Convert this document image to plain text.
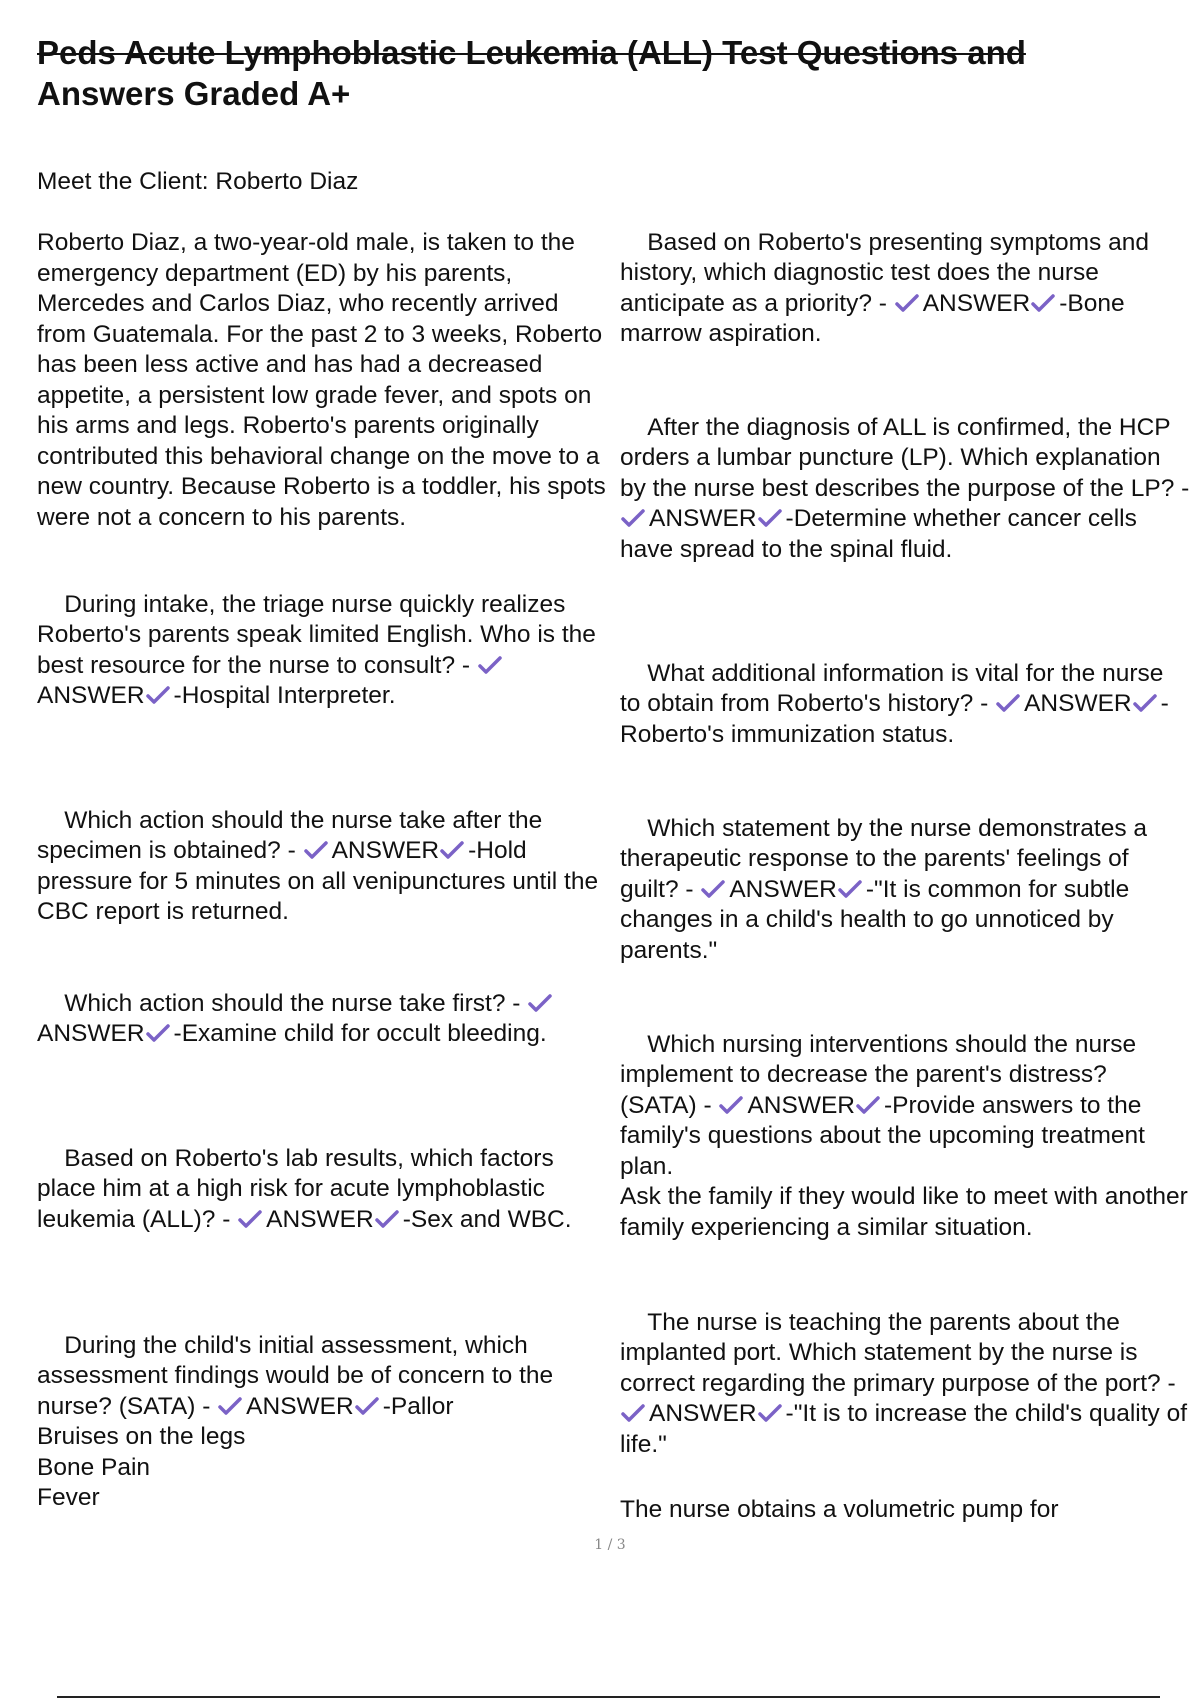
Peds Acute Lymphoblastic Leukemia (ALL) Test Questions and
Answers Graded A+

Meet the Client: Roberto Diaz

Roberto Diaz, a two-year-old male, is taken to the emergency department (ED) by his parents, Mercedes and Carlos Diaz, who recently arrived from Guatemala. For the past 2 to 3 weeks, Roberto has been less active and has had a decreased appetite, a persistent low grade fever, and spots on his arms and legs. Roberto's parents originally contributed this behavioral change on the move to a new country. Because Roberto is a toddler, his spots were not a concern to his parents.

During intake, the triage nurse quickly realizes Roberto's parents speak limited English. Who is the best resource for the nurse to consult? -
ANSWER -Hospital Interpreter.

Which action should the nurse take after the specimen is obtained? -
ANSWER -Hold pressure for 5 minutes on all venipunctures until the CBC report is returned.

Which action should the nurse take first? -
ANSWER -Examine child for occult bleeding.

Based on Roberto's lab results, which factors place him at a high risk for acute lymphoblastic leukemia (ALL)? -
ANSWER -Sex and WBC.

During the child's initial assessment, which assessment findings would be of concern to the nurse? (SATA) -
ANSWER -Pallor
Bruises on the legs
Bone Pain
Fever

Based on Roberto's presenting symptoms and history, which diagnostic test does the nurse anticipate as a priority? -
ANSWER -Bone marrow aspiration.

After the diagnosis of ALL is confirmed, the HCP orders a lumbar puncture (LP). Which explanation by the nurse best describes the purpose of the LP? -
ANSWER -Determine whether cancer cells have spread to the spinal fluid.

What additional information is vital for the nurse to obtain from Roberto's history? -
ANSWER -Roberto's immunization status.

Which statement by the nurse demonstrates a therapeutic response to the parents' feelings of guilt? -
ANSWER -"It is common for subtle changes in a child's health to go unnoticed by parents."

Which nursing interventions should the nurse implement to decrease the parent's distress? (SATA) -
ANSWER -Provide answers to the family's questions about the upcoming treatment plan.
Ask the family if they would like to meet with another family experiencing a similar situation.

The nurse is teaching the parents about the implanted port. Which statement by the nurse is correct regarding the primary purpose of the port? -
ANSWER -"It is to increase the child's quality of life."

The nurse obtains a volumetric pump for

1 / 3
